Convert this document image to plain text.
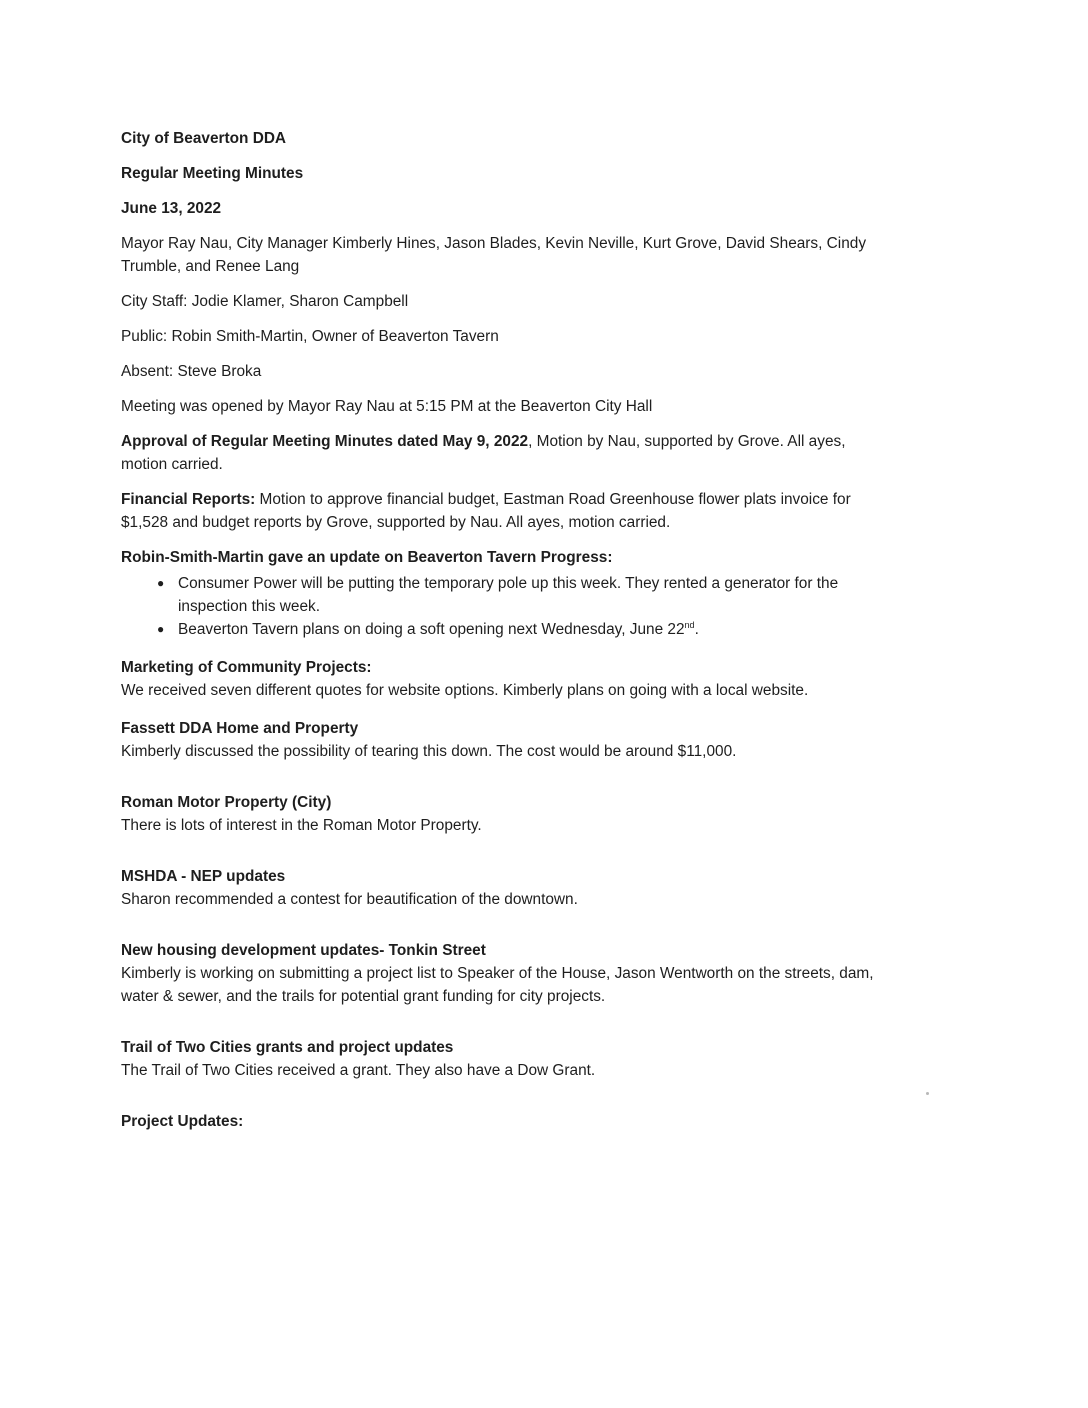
City of Beaverton DDA
Regular Meeting Minutes
June 13, 2022
Mayor Ray Nau, City Manager Kimberly Hines, Jason Blades, Kevin Neville, Kurt Grove, David Shears, Cindy Trumble, and Renee Lang
City Staff: Jodie Klamer, Sharon Campbell
Public: Robin Smith-Martin, Owner of Beaverton Tavern
Absent: Steve Broka
Meeting was opened by Mayor Ray Nau at 5:15 PM at the Beaverton City Hall
Approval of Regular Meeting Minutes dated May 9, 2022, Motion by Nau, supported by Grove. All ayes, motion carried.
Financial Reports: Motion to approve financial budget, Eastman Road Greenhouse flower plats invoice for $1,528 and budget reports by Grove, supported by Nau. All ayes, motion carried.
Robin-Smith-Martin gave an update on Beaverton Tavern Progress:
● Consumer Power will be putting the temporary pole up this week. They rented a generator for the inspection this week.
● Beaverton Tavern plans on doing a soft opening next Wednesday, June 22nd.
Marketing of Community Projects:
We received seven different quotes for website options. Kimberly plans on going with a local website.
Fassett DDA Home and Property
Kimberly discussed the possibility of tearing this down. The cost would be around $11,000.
Roman Motor Property (City)
There is lots of interest in the Roman Motor Property.
MSHDA - NEP updates
Sharon recommended a contest for beautification of the downtown.
New housing development updates- Tonkin Street
Kimberly is working on submitting a project list to Speaker of the House, Jason Wentworth on the streets, dam, water & sewer, and the trails for potential grant funding for city projects.
Trail of Two Cities grants and project updates
The Trail of Two Cities received a grant. They also have a Dow Grant.
Project Updates:
